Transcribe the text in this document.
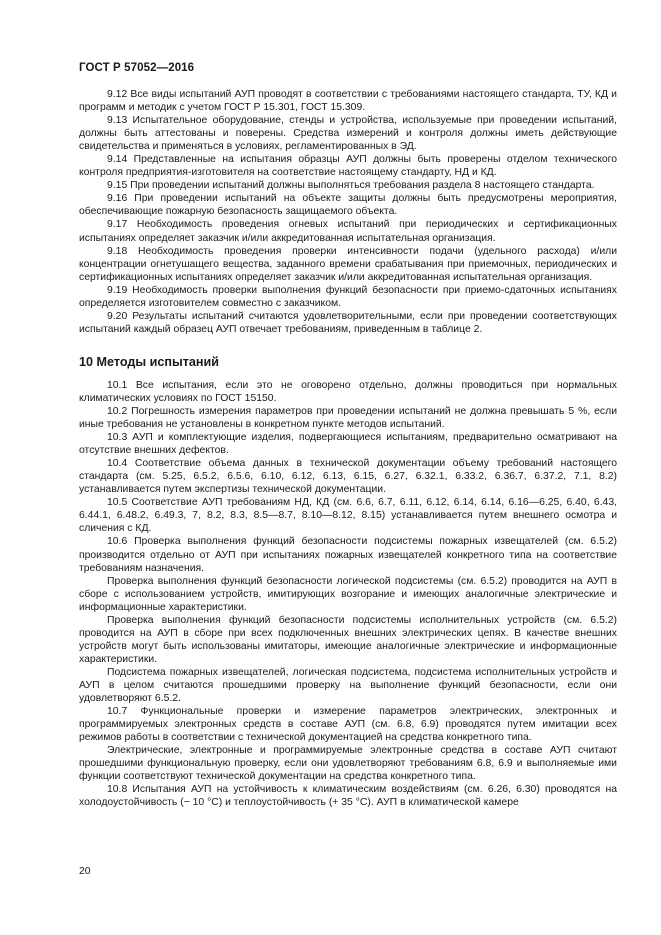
ГОСТ Р 57052—2016

9.12 Все виды испытаний АУП проводят в соответствии с требованиями настоящего стандарта, ТУ, КД и программ и методик с учетом ГОСТ Р 15.301, ГОСТ 15.309.

9.13 Испытательное оборудование, стенды и устройства, используемые при проведении испытаний, должны быть аттестованы и поверены. Средства измерений и контроля должны иметь действующие свидетельства и применяться в условиях, регламентированных в ЭД.

9.14 Представленные на испытания образцы АУП должны быть проверены отделом технического контроля предприятия-изготовителя на соответствие настоящему стандарту, НД и КД.

9.15 При проведении испытаний должны выполняться требования раздела 8 настоящего стандарта.

9.16 При проведении испытаний на объекте защиты должны быть предусмотрены мероприятия, обеспечивающие пожарную безопасность защищаемого объекта.

9.17 Необходимость проведения огневых испытаний при периодических и сертификационных испытаниях определяет заказчик и/или аккредитованная испытательная организация.

9.18 Необходимость проведения проверки интенсивности подачи (удельного расхода) и/или концентрации огнетушащего вещества, заданного времени срабатывания при приемочных, периодических и сертификационных испытаниях определяет заказчик и/или аккредитованная испытательная организация.

9.19 Необходимость проверки выполнения функций безопасности при приемо-сдаточных испытаниях определяется изготовителем совместно с заказчиком.

9.20 Результаты испытаний считаются удовлетворительными, если при проведении соответствующих испытаний каждый образец АУП отвечает требованиям, приведенным в таблице 2.

10 Методы испытаний

10.1 Все испытания, если это не оговорено отдельно, должны проводиться при нормальных климатических условиях по ГОСТ 15150.

10.2 Погрешность измерения параметров при проведении испытаний не должна превышать 5 %, если иные требования не установлены в конкретном пункте методов испытаний.

10.3 АУП и комплектующие изделия, подвергающиеся испытаниям, предварительно осматривают на отсутствие внешних дефектов.

10.4 Соответствие объема данных в технической документации объему требований настоящего стандарта (см. 5.25, 6.5.2, 6.5.6, 6.10, 6.12, 6.13, 6.15, 6.27, 6.32.1, 6.33.2, 6.36.7, 6.37.2, 7.1, 8.2) устанавливается путем экспертизы технической документации.

10.5 Соответствие АУП требованиям НД, КД (см. 6.6, 6.7, 6.11, 6.12, 6.14, 6.14, 6.16—6.25, 6.40, 6.43, 6.44.1, 6.48.2, 6.49.3, 7, 8.2, 8.3, 8.5—8.7, 8.10—8.12, 8.15) устанавливается путем внешнего осмотра и сличения с КД.

10.6 Проверка выполнения функций безопасности подсистемы пожарных извещателей (см. 6.5.2) производится отдельно от АУП при испытаниях пожарных извещателей конкретного типа на соответствие требованиям назначения.

Проверка выполнения функций безопасности логической подсистемы (см. 6.5.2) проводится на АУП в сборе с использованием устройств, имитирующих возгорание и имеющих аналогичные электрические и информационные характеристики.

Проверка выполнения функций безопасности подсистемы исполнительных устройств (см. 6.5.2) проводится на АУП в сборе при всех подключенных внешних электрических цепях. В качестве внешних устройств могут быть использованы имитаторы, имеющие аналогичные электрические и информационные характеристики.

Подсистема пожарных извещателей, логическая подсистема, подсистема исполнительных устройств и АУП в целом считаются прошедшими проверку на выполнение функций безопасности, если они удовлетворяют 6.5.2.

10.7 Функциональные проверки и измерение параметров электрических, электронных и программируемых электронных средств в составе АУП (см. 6.8, 6.9) проводятся путем имитации всех режимов работы в соответствии с технической документацией на средства конкретного типа.

Электрические, электронные и программируемые электронные средства в составе АУП считают прошедшими функциональную проверку, если они удовлетворяют требованиям 6.8, 6.9 и выполняемые ими функции соответствуют технической документации на средства конкретного типа.

10.8 Испытания АУП на устойчивость к климатическим воздействиям (см. 6.26, 6.30) проводятся на холодоустойчивость (− 10 °С) и теплоустойчивость (+ 35 °С). АУП в климатической камере

20
